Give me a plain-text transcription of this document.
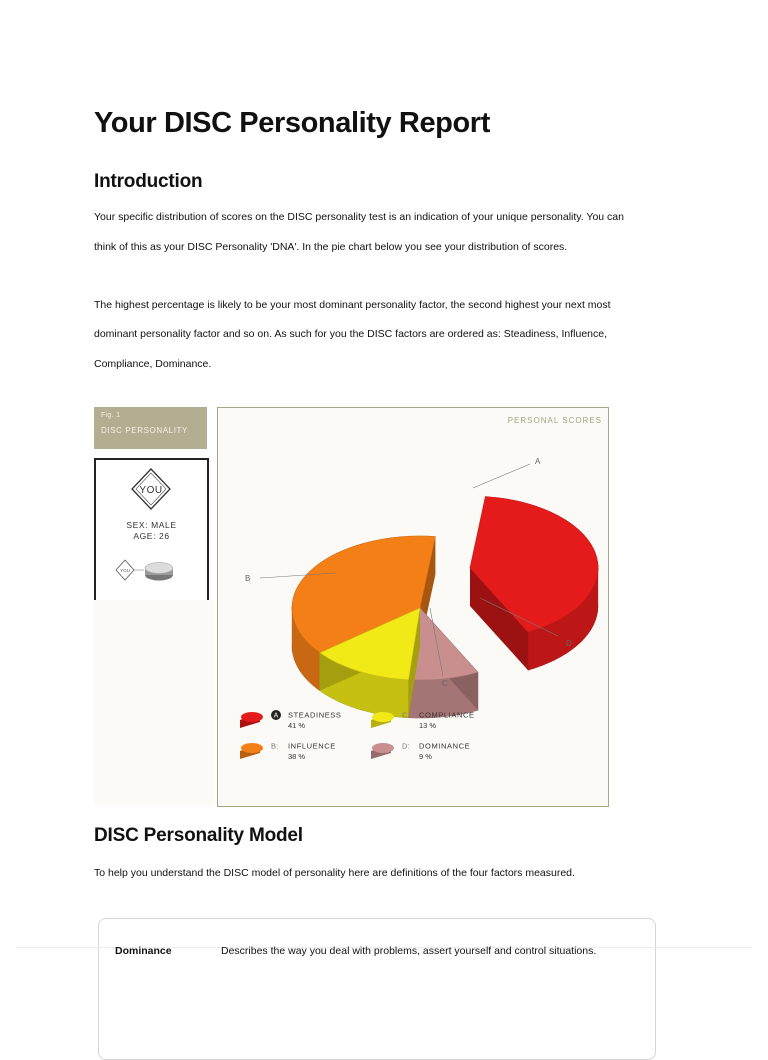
Your DISC Personality Report
Introduction

Your specific distribution of scores on the DISC personality test is an indication of your unique personality. You can

think of this as your DISC Personality 'DNA'. In the pie chart below you see your distribution of scores.

The highest percentage is likely to be your most dominant personality factor, the second highest your next most

dominant personality factor and so on. As such for you the DISC factors are ordered as: Steadiness, Influence,

Compliance, Dominance.

Fig. 1
DISC PERSONALITY
YOU
YOU
SEX: MALE
AGE: 26
PERSONAL SCORES
A
B
C
D
A STEADINESS
41 %
B: INFLUENCE
38 %
C: COMPLIANCE
13 %
D: DOMINANCE
9 %
DISC Personality Model

To help you understand the DISC model of personality here are definitions of the four factors measured.

Dominance	Describes the way you deal with problems, assert yourself and control situations.
